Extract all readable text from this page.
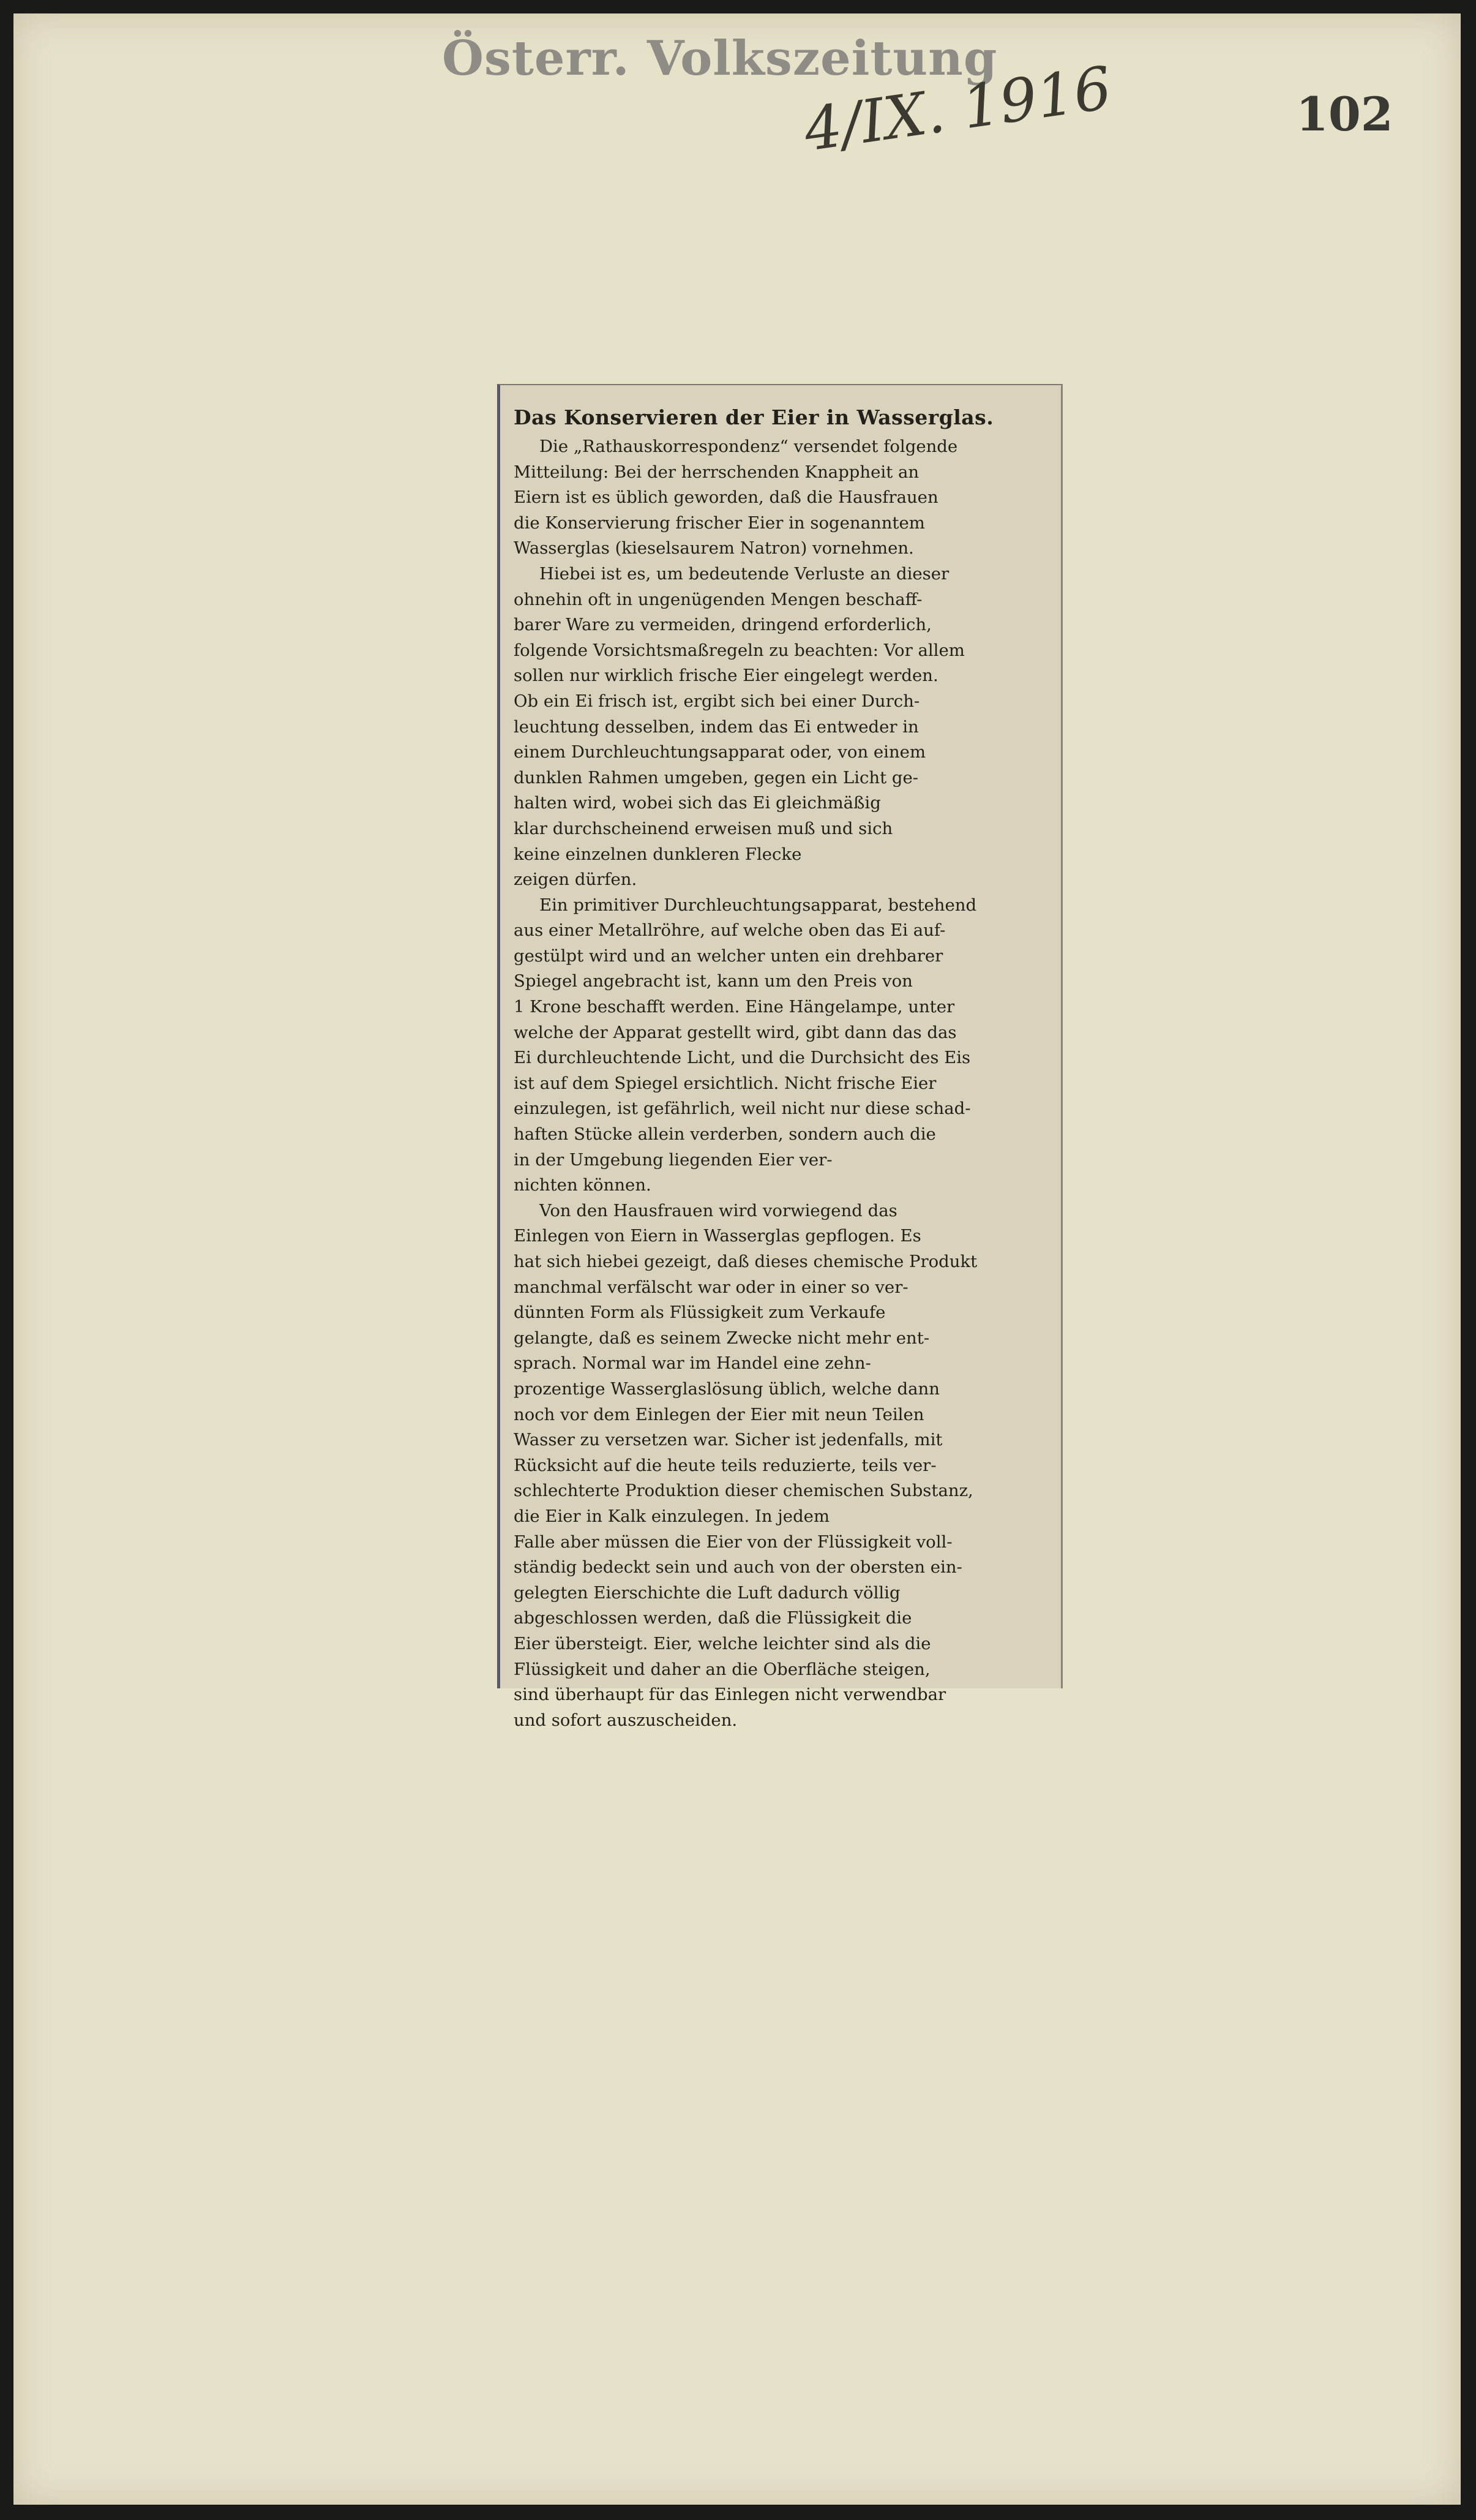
Österr. Volkszeitung
4/IX. 1916	102
Das Konservieren der Eier in Wasserglas.
Die „Rathauskorrespondenz“ versendet folgende
Mitteilung: Bei der herrschenden Knappheit an
Eiern ist es üblich geworden, daß die Hausfrauen
die Konservierung frischer Eier in sogenanntem
Wasserglas (kieselsaurem Natron) vornehmen.
Hiebei ist es, um bedeutende Verluste an dieser
ohnehin oft in ungenügenden Mengen beschaff-
barer Ware zu vermeiden, dringend erforderlich,
folgende Vorsichtsmaßregeln zu beachten: Vor allem
sollen nur wirklich frische Eier eingelegt werden.
Ob ein Ei frisch ist, ergibt sich bei einer Durch-
leuchtung desselben, indem das Ei entweder in
einem Durchleuchtungsapparat oder, von einem
dunklen Rahmen umgeben, gegen ein Licht ge-
halten wird, wobei sich das Ei gleichmäßig
klar durchscheinend erweisen muß und sich
keine einzelnen dunkleren Flecke
zeigen dürfen.
Ein primitiver Durchleuchtungsapparat, bestehend
aus einer Metallröhre, auf welche oben das Ei auf-
gestülpt wird und an welcher unten ein drehbarer
Spiegel angebracht ist, kann um den Preis von
1 Krone beschafft werden. Eine Hängelampe, unter
welche der Apparat gestellt wird, gibt dann das das
Ei durchleuchtende Licht, und die Durchsicht des Eis
ist auf dem Spiegel ersichtlich. Nicht frische Eier
einzulegen, ist gefährlich, weil nicht nur diese schad-
haften Stücke allein verderben, sondern auch die
in der Umgebung liegenden Eier ver-
nichten können.
Von den Hausfrauen wird vorwiegend das
Einlegen von Eiern in Wasserglas gepflogen. Es
hat sich hiebei gezeigt, daß dieses chemische Produkt
manchmal verfälscht war oder in einer so ver-
dünnten Form als Flüssigkeit zum Verkaufe
gelangte, daß es seinem Zwecke nicht mehr ent-
sprach. Normal war im Handel eine zehn-
prozentige Wasserglaslösung üblich, welche dann
noch vor dem Einlegen der Eier mit neun Teilen
Wasser zu versetzen war. Sicher ist jedenfalls, mit
Rücksicht auf die heute teils reduzierte, teils ver-
schlechterte Produktion dieser chemischen Substanz,
die Eier in Kalk einzulegen. In jedem
Falle aber müssen die Eier von der Flüssigkeit voll-
ständig bedeckt sein und auch von der obersten ein-
gelegten Eierschichte die Luft dadurch völlig
abgeschlossen werden, daß die Flüssigkeit die
Eier übersteigt. Eier, welche leichter sind als die
Flüssigkeit und daher an die Oberfläche steigen,
sind überhaupt für das Einlegen nicht verwendbar
und sofort auszuscheiden.
